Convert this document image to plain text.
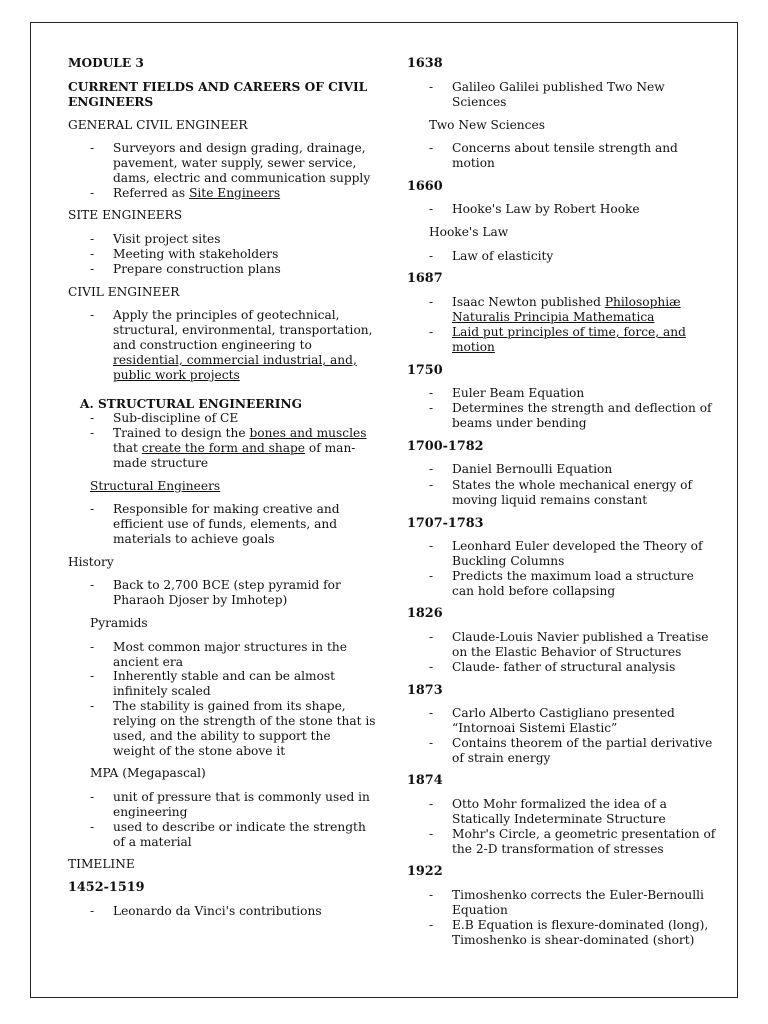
MODULE 3
CURRENT FIELDS AND CAREERS OF CIVIL
ENGINEERS
GENERAL CIVIL ENGINEER
- Surveyors and design grading, drainage,
pavement, water supply, sewer service,
dams, electric and communication supply
- Referred as Site Engineers
SITE ENGINEERS
- Visit project sites
- Meeting with stakeholders
- Prepare construction plans
CIVIL ENGINEER
- Apply the principles of geotechnical,
structural, environmental, transportation,
and construction engineering to
residential, commercial industrial, and,
public work projects
A. STRUCTURAL ENGINEERING
- Sub-discipline of CE
- Trained to design the bones and muscles
that create the form and shape of man-
made structure
Structural Engineers
- Responsible for making creative and
efficient use of funds, elements, and
materials to achieve goals
History
- Back to 2,700 BCE (step pyramid for
Pharaoh Djoser by Imhotep)
Pyramids
- Most common major structures in the
ancient era
- Inherently stable and can be almost
infinitely scaled
- The stability is gained from its shape,
relying on the strength of the stone that is
used, and the ability to support the
weight of the stone above it
MPA (Megapascal)
- unit of pressure that is commonly used in
engineering
- used to describe or indicate the strength
of a material
TIMELINE
1452-1519
- Leonardo da Vinci's contributions
1638
- Galileo Galilei published Two New
Sciences
Two New Sciences
- Concerns about tensile strength and
motion
1660
- Hooke's Law by Robert Hooke
Hooke's Law
- Law of elasticity
1687
- Isaac Newton published Philosophiæ
Naturalis Principia Mathematica
- Laid put principles of time, force, and
motion
1750
- Euler Beam Equation
- Determines the strength and deflection of
beams under bending
1700-1782
- Daniel Bernoulli Equation
- States the whole mechanical energy of
moving liquid remains constant
1707-1783
- Leonhard Euler developed the Theory of
Buckling Columns
- Predicts the maximum load a structure
can hold before collapsing
1826
- Claude-Louis Navier published a Treatise
on the Elastic Behavior of Structures
- Claude- father of structural analysis
1873
- Carlo Alberto Castigliano presented
“Intornoai Sistemi Elastic”
- Contains theorem of the partial derivative
of strain energy
1874
- Otto Mohr formalized the idea of a
Statically Indeterminate Structure
- Mohr's Circle, a geometric presentation of
the 2-D transformation of stresses
1922
- Timoshenko corrects the Euler-Bernoulli
Equation
- E.B Equation is flexure-dominated (long),
Timoshenko is shear-dominated (short)
